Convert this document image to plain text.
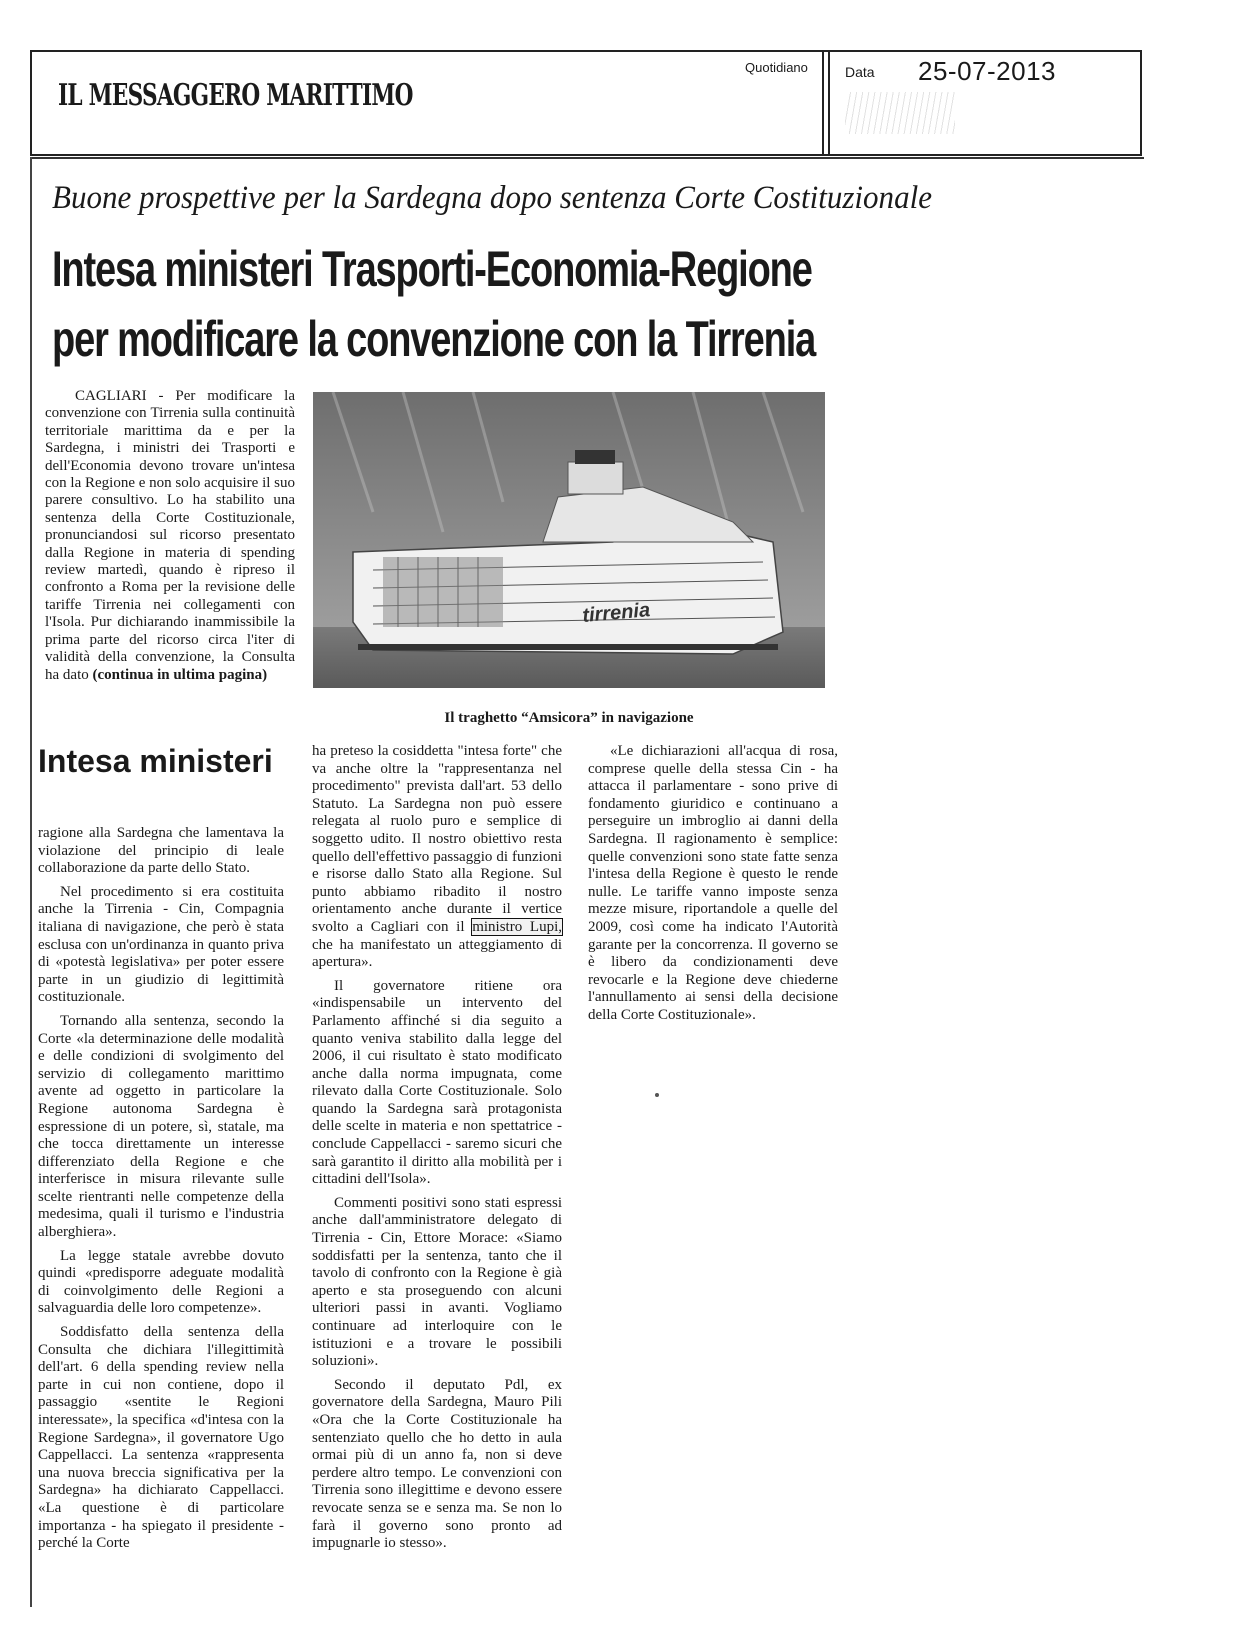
IL MESSAGGERO MARITTIMO
Quotidiano	Data 25-07-2013
Buone prospettive per la Sardegna dopo sentenza Corte Costituzionale
Intesa ministeri Trasporti-Economia-Regione
per modificare la convenzione con la Tirrenia

CAGLIARI - Per modificare la convenzione con Tirrenia sulla continuità territoriale marittima da e per la Sardegna, i ministri dei Trasporti e dell'Economia devono trovare un'intesa con la Regione e non solo acquisire il suo parere consultivo. Lo ha stabilito una sentenza della Corte Costituzionale, pronunciandosi sul ricorso presentato dalla Regione in materia di spending review martedì, quando è ripreso il confronto a Roma per la revisione delle tariffe Tirrenia nei collegamenti con l'Isola. Pur dichiarando inammissibile la prima parte del ricorso circa l'iter di validità della convenzione, la Consulta ha dato (continua in ultima pagina)

tirrenia
Il traghetto “Amsicora” in navigazione
Intesa ministeri

ragione alla Sardegna che lamentava la violazione del principio di leale collaborazione da parte dello Stato.

Nel procedimento si era costituita anche la Tirrenia - Cin, Compagnia italiana di navigazione, che però è stata esclusa con un'ordinanza in quanto priva di «potestà legislativa» per poter essere parte in un giudizio di legittimità costituzionale.

Tornando alla sentenza, secondo la Corte «la determinazione delle modalità e delle condizioni di svolgimento del servizio di collegamento marittimo avente ad oggetto in particolare la Regione autonoma Sardegna è espressione di un potere, sì, statale, ma che tocca direttamente un interesse differenziato della Regione e che interferisce in misura rilevante sulle scelte rientranti nelle competenze della medesima, quali il turismo e l'industria alberghiera».

La legge statale avrebbe dovuto quindi «predisporre adeguate modalità di coinvolgimento delle Regioni a salvaguardia delle loro competenze».

Soddisfatto della sentenza della Consulta che dichiara l'illegittimità dell'art. 6 della spending review nella parte in cui non contiene, dopo il passaggio «sentite le Regioni interessate», la specifica «d'intesa con la Regione Sardegna», il governatore Ugo Cappellacci. La sentenza «rappresenta una nuova breccia significativa per la Sardegna» ha dichiarato Cappellacci. «La questione è di particolare importanza - ha spiegato il presidente - perché la Corte

ha preteso la cosiddetta "intesa forte" che va anche oltre la "rappresentanza nel procedimento" prevista dall'art. 53 dello Statuto. La Sardegna non può essere relegata al ruolo puro e semplice di soggetto udito. Il nostro obiettivo resta quello dell'effettivo passaggio di funzioni e risorse dallo Stato alla Regione. Sul punto abbiamo ribadito il nostro orientamento anche durante il vertice svolto a Cagliari con il ministro Lupi, che ha manifestato un atteggiamento di apertura».

Il governatore ritiene ora «indispensabile un intervento del Parlamento affinché si dia seguito a quanto veniva stabilito dalla legge del 2006, il cui risultato è stato modificato anche dalla norma impugnata, come rilevato dalla Corte Costituzionale. Solo quando la Sardegna sarà protagonista delle scelte in materia e non spettatrice - conclude Cappellacci - saremo sicuri che sarà garantito il diritto alla mobilità per i cittadini dell'Isola».

Commenti positivi sono stati espressi anche dall'amministratore delegato di Tirrenia - Cin, Ettore Morace: «Siamo soddisfatti per la sentenza, tanto che il tavolo di confronto con la Regione è già aperto e sta proseguendo con alcuni ulteriori passi in avanti. Vogliamo continuare ad interloquire con le istituzioni e a trovare le possibili soluzioni».

Secondo il deputato Pdl, ex governatore della Sardegna, Mauro Pili «Ora che la Corte Costituzionale ha sentenziato quello che ho detto in aula ormai più di un anno fa, non si deve perdere altro tempo. Le convenzioni con Tirrenia sono illegittime e devono essere revocate senza se e senza ma. Se non lo farà il governo sono pronto ad impugnarle io stesso».

«Le dichiarazioni all'acqua di rosa, comprese quelle della stessa Cin - ha attacca il parlamentare - sono prive di fondamento giuridico e continuano a perseguire un imbroglio ai danni della Sardegna. Il ragionamento è semplice: quelle convenzioni sono state fatte senza l'intesa della Regione è questo le rende nulle. Le tariffe vanno imposte senza mezze misure, riportandole a quelle del 2009, così come ha indicato l'Autorità garante per la concorrenza. Il governo se è libero da condizionamenti deve revocarle e la Regione deve chiederne l'annullamento ai sensi della decisione della Corte Costituzionale».
